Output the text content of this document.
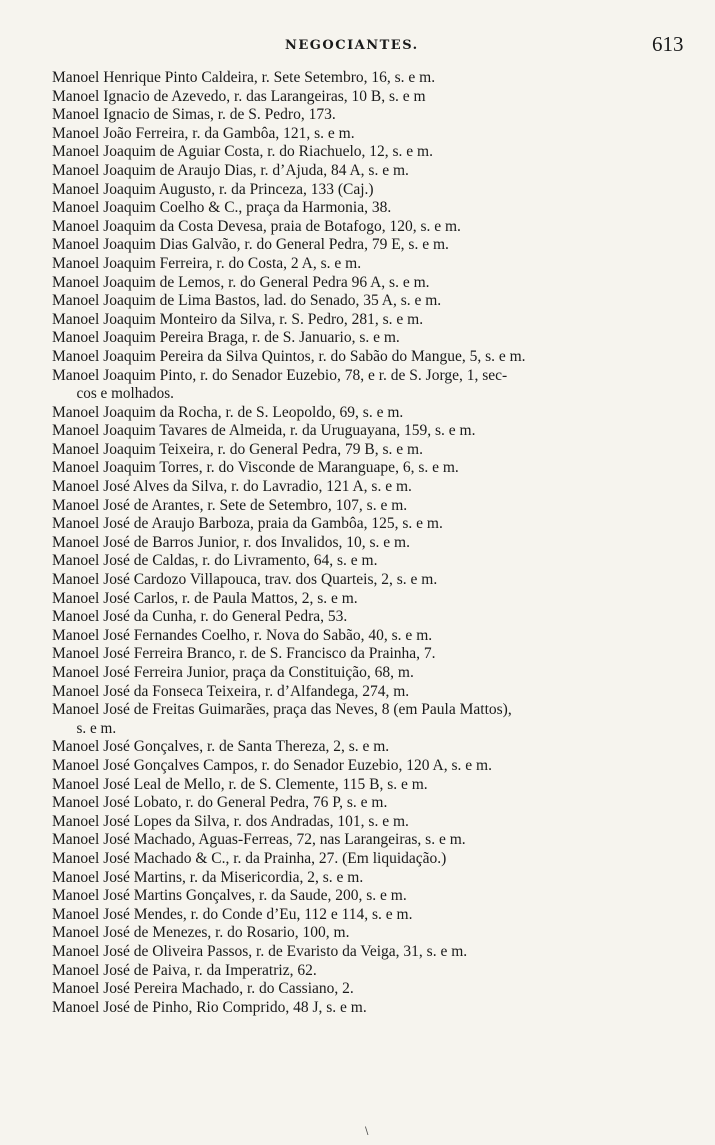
NEGOCIANTES.	613
Manoel Henrique Pinto Caldeira, r. Sete Setembro, 16, s. e m.
Manoel Ignacio de Azevedo, r. das Larangeiras, 10 B, s. e m
Manoel Ignacio de Simas, r. de S. Pedro, 173.
Manoel João Ferreira, r. da Gambôa, 121, s. e m.
Manoel Joaquim de Aguiar Costa, r. do Riachuelo, 12, s. e m.
Manoel Joaquim de Araujo Dias, r. d’Ajuda, 84 A, s. e m.
Manoel Joaquim Augusto, r. da Princeza, 133 (Caj.)
Manoel Joaquim Coelho & C., praça da Harmonia, 38.
Manoel Joaquim da Costa Devesa, praia de Botafogo, 120, s. e m.
Manoel Joaquim Dias Galvão, r. do General Pedra, 79 E, s. e m.
Manoel Joaquim Ferreira, r. do Costa, 2 A, s. e m.
Manoel Joaquim de Lemos, r. do General Pedra 96 A, s. e m.
Manoel Joaquim de Lima Bastos, lad. do Senado, 35 A, s. e m.
Manoel Joaquim Monteiro da Silva, r. S. Pedro, 281, s. e m.
Manoel Joaquim Pereira Braga, r. de S. Januario, s. e m.
Manoel Joaquim Pereira da Silva Quintos, r. do Sabão do Mangue, 5, s. e m.
Manoel Joaquim Pinto, r. do Senador Euzebio, 78, e r. de S. Jorge, 1, sec-
cos e molhados.
Manoel Joaquim da Rocha, r. de S. Leopoldo, 69, s. e m.
Manoel Joaquim Tavares de Almeida, r. da Uruguayana, 159, s. e m.
Manoel Joaquim Teixeira, r. do General Pedra, 79 B, s. e m.
Manoel Joaquim Torres, r. do Visconde de Maranguape, 6, s. e m.
Manoel José Alves da Silva, r. do Lavradio, 121 A, s. e m.
Manoel José de Arantes, r. Sete de Setembro, 107, s. e m.
Manoel José de Araujo Barboza, praia da Gambôa, 125, s. e m.
Manoel José de Barros Junior, r. dos Invalidos, 10, s. e m.
Manoel José de Caldas, r. do Livramento, 64, s. e m.
Manoel José Cardozo Villapouca, trav. dos Quarteis, 2, s. e m.
Manoel José Carlos, r. de Paula Mattos, 2, s. e m.
Manoel José da Cunha, r. do General Pedra, 53.
Manoel José Fernandes Coelho, r. Nova do Sabão, 40, s. e m.
Manoel José Ferreira Branco, r. de S. Francisco da Prainha, 7.
Manoel José Ferreira Junior, praça da Constituição, 68, m.
Manoel José da Fonseca Teixeira, r. d’Alfandega, 274, m.
Manoel José de Freitas Guimarães, praça das Neves, 8 (em Paula Mattos),
s. e m.
Manoel José Gonçalves, r. de Santa Thereza, 2, s. e m.
Manoel José Gonçalves Campos, r. do Senador Euzebio, 120 A, s. e m.
Manoel José Leal de Mello, r. de S. Clemente, 115 B, s. e m.
Manoel José Lobato, r. do General Pedra, 76 P, s. e m.
Manoel José Lopes da Silva, r. dos Andradas, 101, s. e m.
Manoel José Machado, Aguas-Ferreas, 72, nas Larangeiras, s. e m.
Manoel José Machado & C., r. da Prainha, 27. (Em liquidação.)
Manoel José Martins, r. da Misericordia, 2, s. e m.
Manoel José Martins Gonçalves, r. da Saude, 200, s. e m.
Manoel José Mendes, r. do Conde d’Eu, 112 e 114, s. e m.
Manoel José de Menezes, r. do Rosario, 100, m.
Manoel José de Oliveira Passos, r. de Evaristo da Veiga, 31, s. e m.
Manoel José de Paiva, r. da Imperatriz, 62.
Manoel José Pereira Machado, r. do Cassiano, 2.
Manoel José de Pinho, Rio Comprido, 48 J, s. e m.
\
